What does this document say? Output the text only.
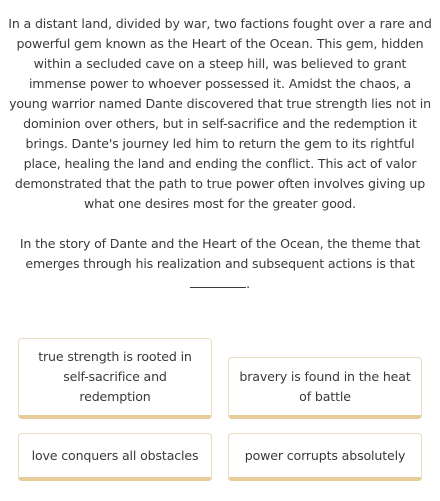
In a distant land, divided by war, two factions fought over a rare and powerful gem known as the Heart of the Ocean. This gem, hidden within a secluded cave on a steep hill, was believed to grant immense power to whoever possessed it. Amidst the chaos, a young warrior named Dante discovered that true strength lies not in dominion over others, but in self-sacrifice and the redemption it brings. Dante's journey led him to return the gem to its rightful place, healing the land and ending the conflict. This act of valor demonstrated that the path to true power often involves giving up what one desires most for the greater good.
In the story of Dante and the Heart of the Ocean, the theme that emerges through his realization and subsequent actions is that
.
true strength is rooted in self-sacrifice and redemption
bravery is found in the heat of battle
love conquers all obstacles	power corrupts absolutely
